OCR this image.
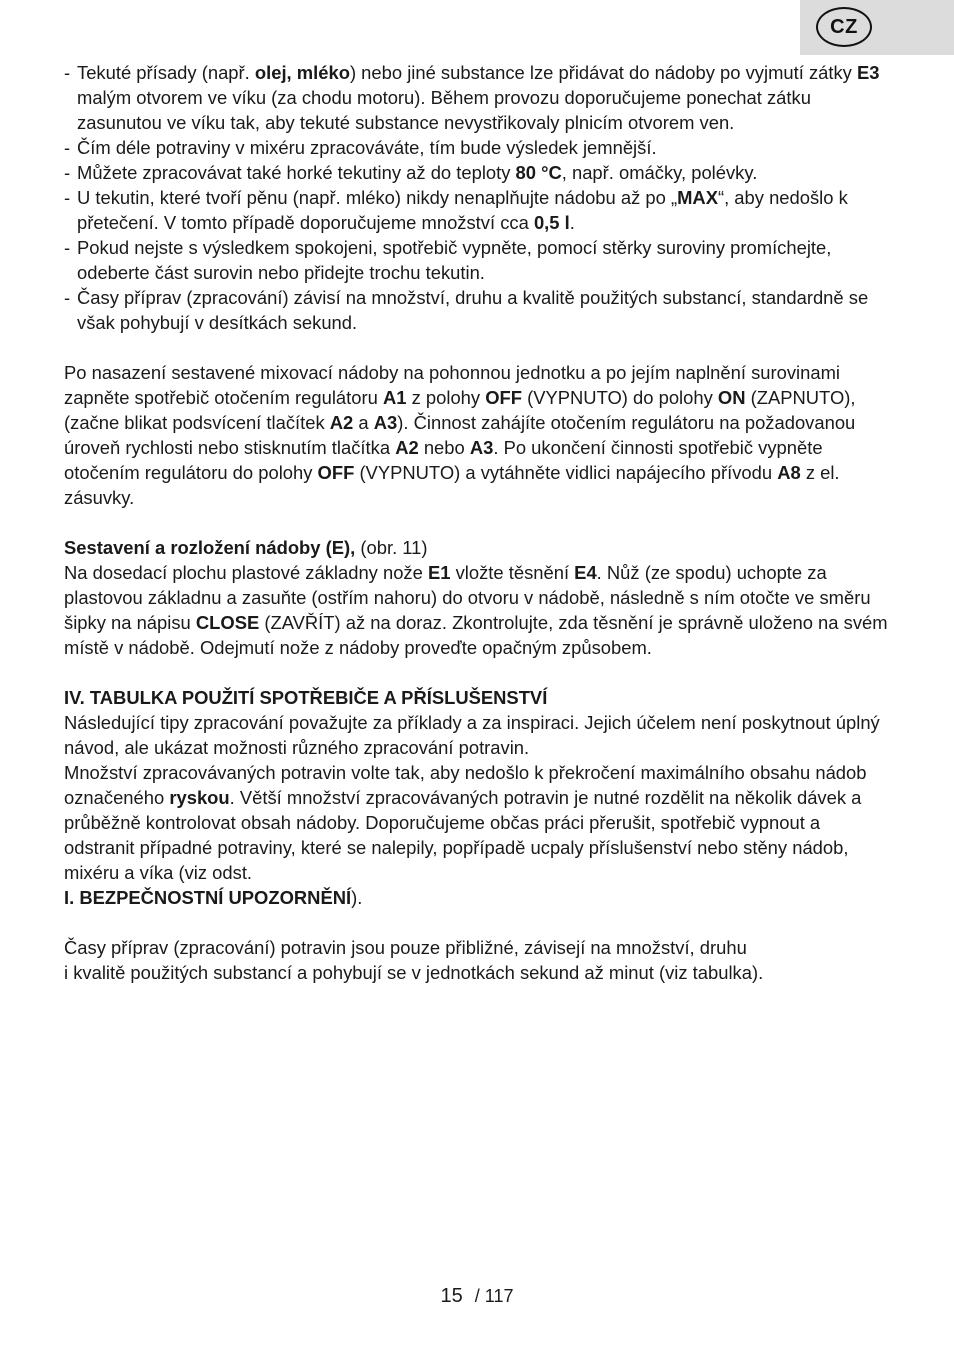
CZ
- Tekuté přísady (např. olej, mléko) nebo jiné substance lze přidávat do nádoby po vyjmutí zátky E3 malým otvorem ve víku (za chodu motoru). Během provozu doporučujeme ponechat zátku zasunutou ve víku tak, aby tekuté substance nevystřikovaly plnicím otvorem ven.
- Čím déle potraviny v mixéru zpracováváte, tím bude výsledek jemnější.
- Můžete zpracovávat také horké tekutiny až do teploty 80 °C, např. omáčky, polévky.
- U tekutin, které tvoří pěnu (např. mléko) nikdy nenaplňujte nádobu až po „MAX“, aby nedošlo k přetečení. V tomto případě doporučujeme množství cca 0,5 l.
- Pokud nejste s výsledkem spokojeni, spotřebič vypněte, pomocí stěrky suroviny promíchejte, odeberte část surovin nebo přidejte trochu tekutin.
- Časy příprav (zpracování) závisí na množství, druhu a kvalitě použitých substancí, standardně se však pohybují v desítkách sekund.

Po nasazení sestavené mixovací nádoby na pohonnou jednotku a po jejím naplnění surovinami zapněte spotřebič otočením regulátoru A1 z polohy OFF (VYPNUTO) do polohy ON (ZAPNUTO), (začne blikat podsvícení tlačítek A2 a A3). Činnost zahájíte otočením regulátoru na požadovanou úroveň rychlosti nebo stisknutím tlačítka A2 nebo A3. Po ukončení činnosti spotřebič vypněte otočením regulátoru do polohy OFF (VYPNUTO) a vytáhněte vidlici napájecího přívodu A8 z el. zásuvky.

Sestavení a rozložení nádoby (E), (obr. 11)
Na dosedací plochu plastové základny nože E1 vložte těsnění E4. Nůž (ze spodu) uchopte za plastovou základnu a zasuňte (ostřím nahoru) do otvoru v nádobě, následně s ním otočte ve směru šipky na nápisu CLOSE (ZAVŘÍT) až na doraz. Zkontrolujte, zda těsnění je správně uloženo na svém místě v nádobě. Odejmutí nože z nádoby proveďte opačným způsobem.

IV. TABULKA POUŽITÍ SPOTŘEBIČE A PŘÍSLUŠENSTVÍ
Následující tipy zpracování považujte za příklady a za inspiraci. Jejich účelem není poskytnout úplný návod, ale ukázat možnosti různého zpracování potravin.
Množství zpracovávaných potravin volte tak, aby nedošlo k překročení maximálního obsahu nádob označeného ryskou. Větší množství zpracovávaných potravin je nutné rozdělit na několik dávek a průběžně kontrolovat obsah nádoby. Doporučujeme občas práci přerušit, spotřebič vypnout a odstranit případné potraviny, které se nalepily, popřípadě ucpaly příslušenství nebo stěny nádob, mixéru a víka (viz odst.
I. BEZPEČNOSTNÍ UPOZORNĚNÍ).

Časy příprav (zpracování) potravin jsou pouze přibližné, závisejí na množství, druhu
i kvalitě použitých substancí a pohybují se v jednotkách sekund až minut (viz tabulka).

15 / 117
